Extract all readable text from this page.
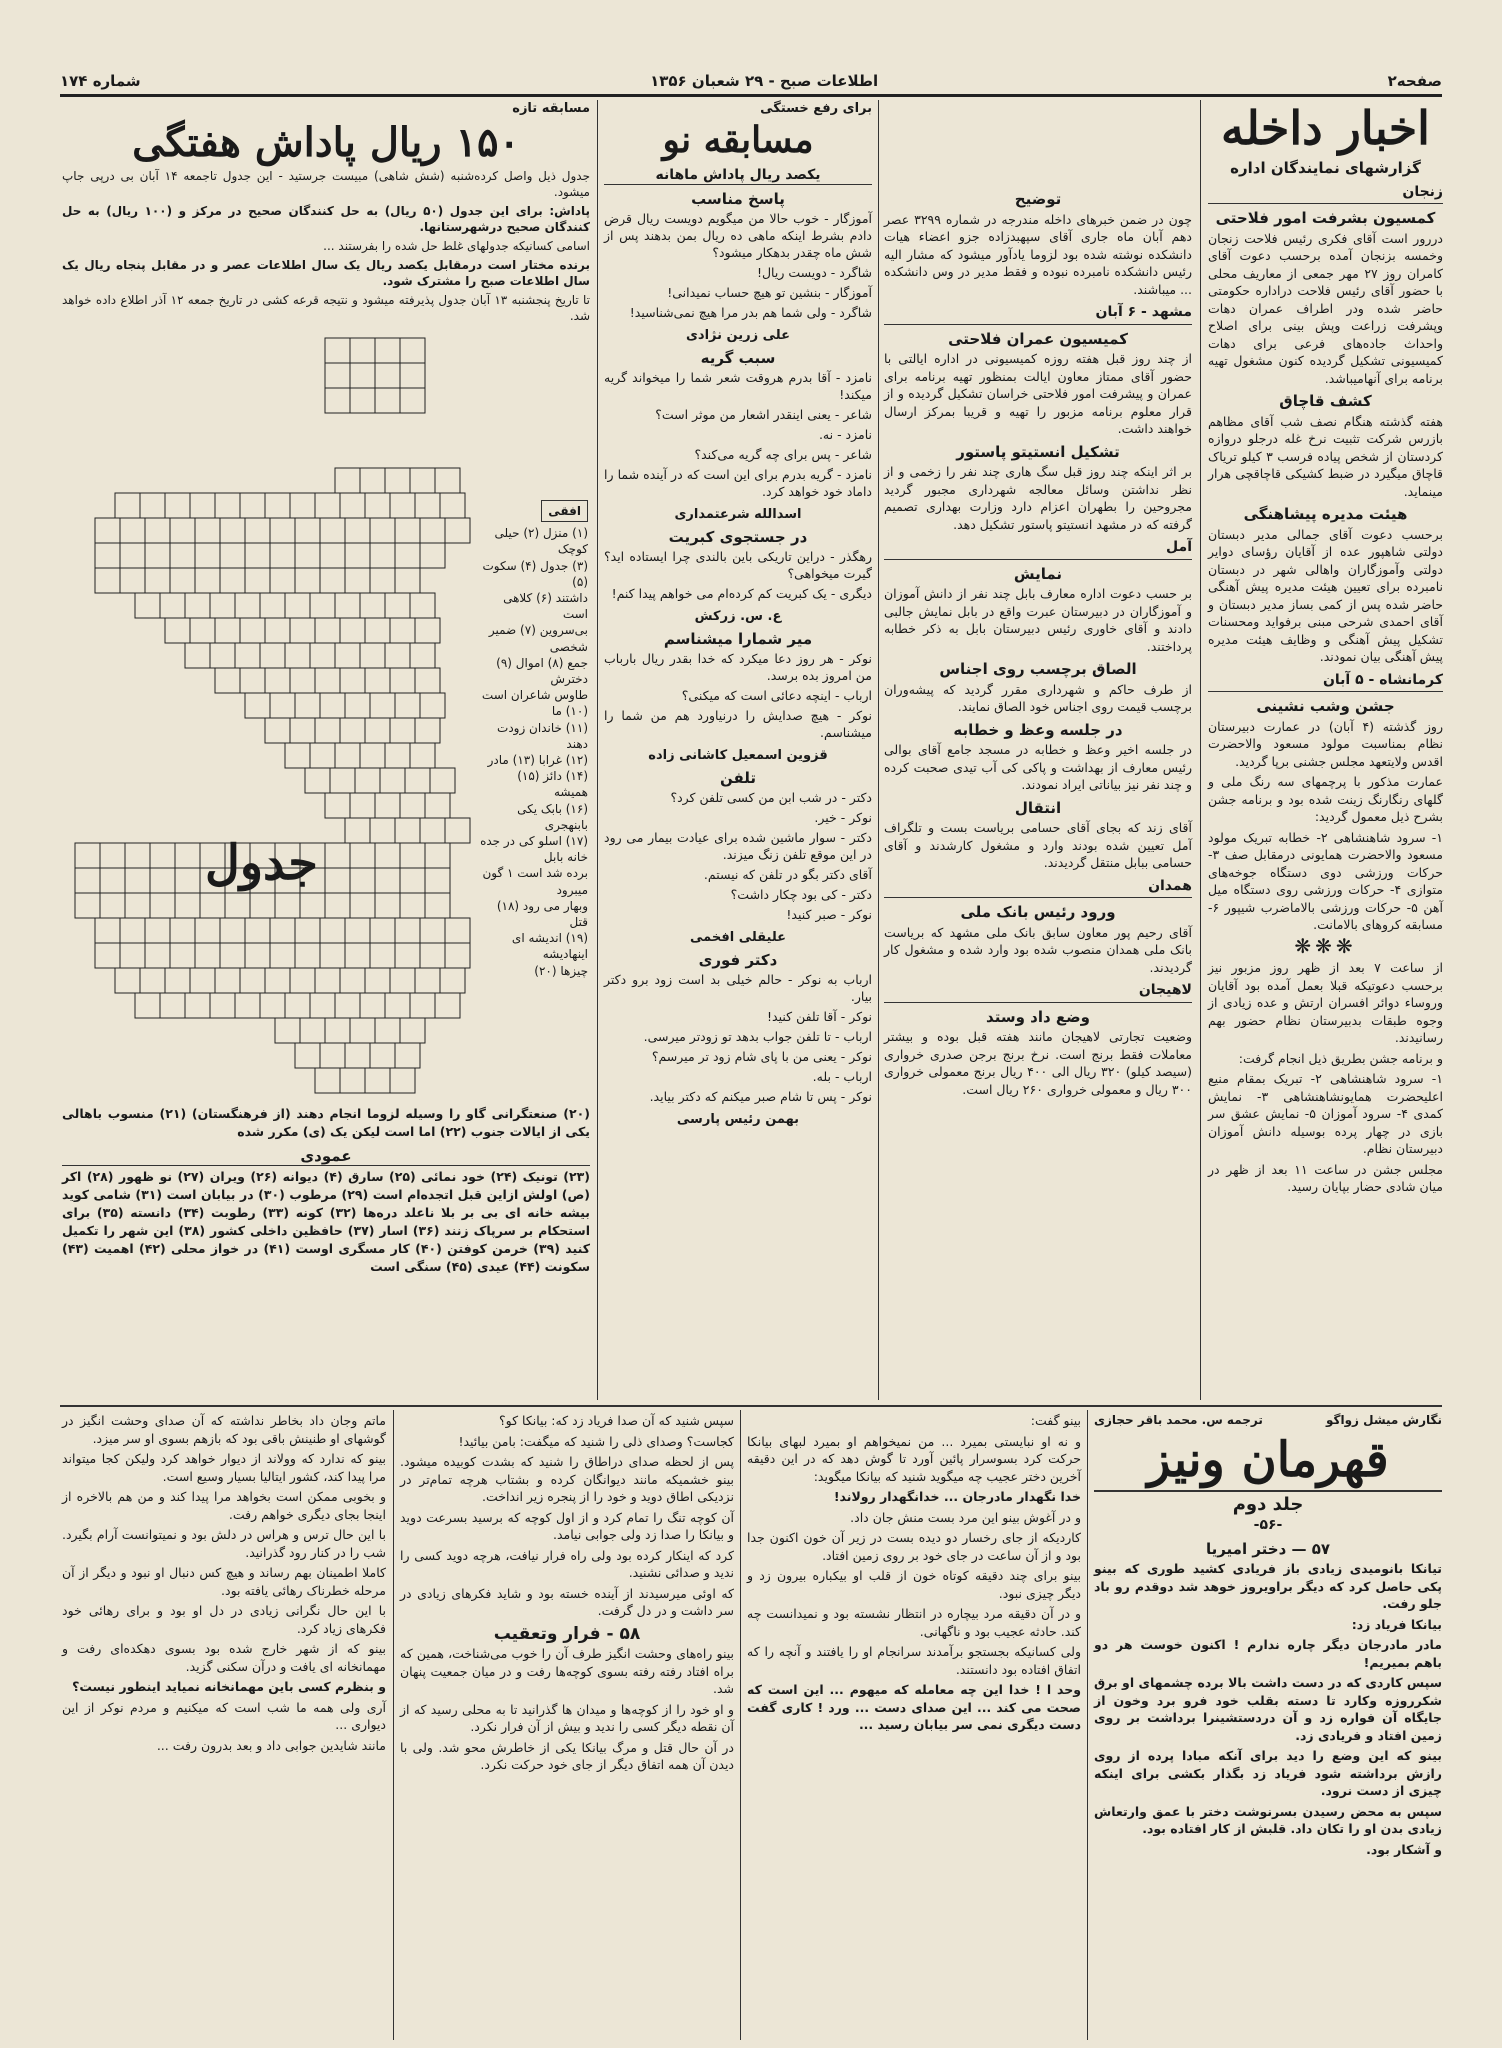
صفحه۲
اطلاعات صبح - ۲۹ شعبان ۱۳۵۶
شماره ۱۷۴
اخبار داخله
گزارشهای نمایندگان اداره
زنجان
کمسیون بشرفت امور فلاحتی

دررور است آقای فکری رئیس فلاحت زنجان وخمسه بزنجان آمده برحسب دعوت آقای کامران روز ۲۷ مهر جمعی از معاریف محلی با حضور آقای رئیس فلاحت دراداره حکومتی حاضر شده ودر اطراف عمران دهات وپشرفت زراعت وپش بینی برای اصلاح واحداث جاده‌های فرعی برای دهات کمیسیونی تشکیل گردیده کنون مشغول تهیه برنامه برای آنهامیباشد.

کشف قاچاق

هفته گذشته هنگام نصف شب آقای مظاهم بازرس شرکت تثبیت نرخ غله درجلو دروازه کردستان از شخص پیاده فرسب ۳ کیلو تریاک قاچاق میگیرد در ضبط کشیکی قاچاقچی هرار مینماید.

هیئت مدیره پیشاهنگی

برحسب دعوت آقای جمالی مدیر دبستان دولتی شاهپور عده از آقایان رؤسای دوایر دولتی وآموزگاران واهالی شهر در دبستان نامبرده برای تعیین هیئت مدیره پیش آهنگی حاضر شده پس از کمی بساز مدیر دبستان و آقای احمدی شرحی مبنی برفواید ومحسنات تشکیل پیش آهنگی و وظایف هیئت مدیره پیش آهنگی بیان نمودند.

کرمانشاه - ۵ آبان
جشن وشب نشینی

روز گذشته (۴ آبان) در عمارت دبیرستان نظام بمناسبت مولود مسعود والاحضرت اقدس ولایتعهد مجلس جشنی برپا گردید.

عمارت مذکور با پرچمهای سه رنگ ملی و گلهای رنگارنگ زینت شده بود و برنامه جشن بشرح ذیل معمول گردید:

۱- سرود شاهنشاهی ۲- خطابه تبریک مولود مسعود والاحضرت همایونی درمقابل صف ۳- حرکات ورزشی دوی دستگاه جوخه‌های متوازی ۴- حرکات ورزشی روی دستگاه میل آهن ۵- حرکات ورزشی بالاماضرب شیپور ۶- مسابقه کروهای بالامانت.

❋❋❋

از ساعت ۷ بعد از ظهر روز مزبور نیز برحسب دعوتیکه قبلا بعمل آمده بود آقایان وروساء دوائر افسران ارتش و عده زیادی از وجوه طبقات بدبیرستان نظام حضور بهم رسانیدند.

و برنامه جشن بطریق ذیل انجام گرفت:

۱- سرود شاهنشاهی ۲- تبریک بمقام منیع اعلیحضرت همایونشاهنشاهی ۳- نمایش کمدی ۴- سرود آموزان ۵- نمایش عشق سر بازی در چهار پرده بوسیله دانش آموزان دبیرستان نظام.

مجلس جشن در ساعت ۱۱ بعد از ظهر در میان شادی حضار بپایان رسید.

توضیح

چون در ضمن خبرهای داخله مندرجه در شماره ۳۲۹۹ عصر دهم آبان ماه جاری آقای سپهبدزاده جزو اعضاء هیات دانشکده نوشته شده بود لزوما یادآور میشود که مشار الیه رئیس دانشکده نامبرده نبوده و فقط مدیر در وس دانشکده ... میباشند.

مشهد - ۶ آبان
کمیسیون عمران فلاحتی

از چند روز قبل هفته روزه کمیسیونی در اداره ایالتی با حضور آقای ممتاز معاون ایالت بمنظور تهیه برنامه برای عمران و پیشرفت امور فلاحتی خراسان تشکیل گردیده و از قرار معلوم برنامه مزبور را تهیه و قریبا بمرکز ارسال خواهند داشت.

تشکیل انستیتو پاستور

بر اثر اینکه چند روز قبل سگ هاری چند نفر را زخمی و از نظر نداشتن وسائل معالجه شهرداری مجبور گردید مجروحین را بطهران اعزام دارد وزارت بهداری تصمیم گرفته که در مشهد انستیتو پاستور تشکیل دهد.

آمل
نمایش

بر حسب دعوت اداره معارف بابل چند نفر از دانش آموزان و آموزگاران در دبیرستان عبرت واقع در بابل نمایش جالبی دادند و آقای خاوری رئیس دبیرستان بابل به ذکر خطابه پرداختند.

الصاق برچسب روی اجناس

از طرف حاکم و شهرداری مقرر گردید که پیشه‌وران برچسب قیمت روی اجناس خود الصاق نمایند.

در جلسه وعظ و خطابه

در جلسه اخیر وعظ و خطابه در مسجد جامع آقای بوالی رئیس معارف از بهداشت و پاکی کی آب تیدی صحبت کرده و چند نفر نیز بیاناتی ایراد نمودند.

انتقال

آقای زند که بجای آقای حسامی بریاست بست و تلگراف آمل تعیین شده بودند وارد و مشغول کارشدند و آقای حسامی ببابل منتقل گردیدند.

همدان
ورود رئیس بانک ملی

آقای رحیم پور معاون سابق بانک ملی مشهد که بریاست بانک ملی همدان منصوب شده بود وارد شده و مشغول کار گردیدند.

لاهیجان
وضع داد وستد

وضعیت تجارتی لاهیجان مانند هفته قبل بوده و بیشتر معاملات فقط برنج است. نرخ برنج برجن صدری خرواری (سیصد کیلو) ۳۲۰ ریال الی ۴۰۰ ریال برنج معمولی خرواری ۳۰۰ ریال و معمولی خرواری ۲۶۰ ریال است.

برای رفع خستگی
مسابقه نو
یکصد ریال پاداش ماهانه
پاسخ مناسب

آموزگار - خوب حالا من میگویم دویست ریال قرض دادم بشرط اینکه ماهی ده ریال بمن بدهند پس از شش ماه چقدر بدهکار میشود؟

شاگرد - دویست ریال!

آموزگار - بنشین تو هیچ حساب نمیدانی!

شاگرد - ولی شما هم بدر مرا هیچ نمی‌شناسید!

علی زرین نژادی
سبب گریه

نامزد - آقا بدرم هروقت شعر شما را میخواند گریه میکند!

شاعر - یعنی اینقدر اشعار من موثر است؟

نامزد - نه.

شاعر - پس برای چه گریه می‌کند؟

نامزد - گریه بدرم برای این است که در آینده شما را داماد خود خواهد کرد.

اسدالله شرعتمداری
در جستجوی کبریت

رهگذر - دراین تاریکی باین بالندی چرا ایستاده اید؟ گیرت میخواهی؟

دیگری - یک کبریت کم کرده‌ام می خواهم پیدا کنم!

ع. س. زرکش
میر شمارا میشناسم

نوکر - هر روز دعا میکرد که خدا بقدر ریال بارباب من امروز بده برسد.

ارباب - اینچه دعائی است که میکنی؟

نوکر - هیچ صدایش را درنیاورد هم من شما را میشناسم.

قزوین اسمعیل کاشانی زاده
تلفن

دکتر - در شب ابن من کسی تلفن کرد؟

نوکر - خیر.

دکتر - سوار ماشین شده برای عیادت بیمار می رود در این موقع تلفن زنگ میزند.

آقای دکتر بگو در تلفن که نیستم.

دکتر - کی بود چکار داشت؟

نوکر - صبر کنید!

علیقلی افخمی
دکتر فوری

ارباب به نوکر - حالم خیلی بد است زود برو دکتر بیار.

نوکر - آقا تلفن کنید!

ارباب - تا تلفن جواب بدهد تو زودتر میرسی.

نوکر - یعنی من با پای شام زود تر میرسم؟

ارباب - بله.

نوکر - پس تا شام صبر میکنم که دکتر بیاید.

بهمن رئیس پارسی
مسابقه تازه
۱۵۰ ریال پاداش هفتگی

جدول ذیل واصل کرده‌شنبه (شش شاهی) مبیست جرستید - این جدول تاجمعه ۱۴ آبان بی درپی جاپ میشود.

پاداش: برای این جدول (۵۰ ریال) به حل کنندگان صحیح در مرکز و (۱۰۰ ریال) به حل کنندگان صحیح درشهرستانها.

اسامی کسانیکه جدولهای غلط حل شده را بفرستند ...

برنده مختار است درمقابل یکصد ریال یک سال اطلاعات عصر و در مقابل پنجاه ریال یک سال اطلاعات صبح را مشترک شود.

تا تاریخ پنجشنبه ۱۳ آبان جدول پذیرفته میشود و نتیجه قرعه کشی در تاریخ جمعه ۱۲ آذر اطلاع داده خواهد شد.

جدول
افقی
(۱) منزل (۲) حیلی کوچک
(۳) جدول (۴) سکوت (۵)
داشتند (۶) کلاهی است
بی‌سروین (۷) ضمیر شخصی
جمع (۸) اموال (۹) دخترش
طاوس شاعران است (۱۰) ما
(۱۱) خاندان زودت دهند
(۱۲) غرابا (۱۳) مادر
(۱۴) دائز (۱۵) همیشه
(۱۶) بابک یکی بابنهجری
(۱۷) اسلو کی در جده خانه بابل
برده شد است ۱ گون میبرود
وبهار می رود (۱۸) قتل
(۱۹) اندیشه ای اینهادیشه
چیزها (۲۰)

(۲۰) صنعتگرانی گاو را وسیله لزوما انجام دهند (از فرهنگستان) (۲۱) منسوب باهالی یکی از ایالات جنوب (۲۲) اما است لیکن یک (ی) مکرر شده

عمودی

(۲۳) تونیک (۲۴) خود نمائی (۲۵) سارق (۴) دیوانه (۲۶) ویران (۲۷) نو ظهور (۲۸) اکر (ص) اولش ازاین قبل اتجده‌ام است (۲۹) مرطوب (۳۰) در بیابان است (۳۱) شامی کوید بیشه خانه ای بی بر بلا ناعلد دره‌ها (۳۲) کونه (۳۳) رطوبت (۳۴) دانسته (۳۵) برای استحکام بر سرپاک زنند (۳۶) اسار (۳۷) حافظین داخلی کشور (۳۸) این شهر را تکمیل کنید (۳۹) خرمن کوفتن (۴۰) کار مسگری اوست (۴۱) در خواز محلی (۴۲) اهمیت (۴۳) سکونت (۴۴) عیدی (۴۵) سنگی است

نگارش میشل زواگو
ترجمه س. محمد باقر حجازی
قهرمان ونیز
جلد دوم
-۵۶-
۵۷ — دختر امیریا

تیانکا بانومیدی زیادی باز فریادی کشید طوری که بینو پکی حاصل کرد که دیگر براویروز خوهد شد دوقدم رو باد جلو رفت.

بیانکا فریاد زد:

مادر مادرجان دیگر چاره ندارم ! اکنون خوست هر دو باهم بمیریم!

سپس کاردی که در دست داشت بالا برده چشمهای او برق شکرروزه وکارد تا دسته بقلب خود فرو برد وخون از جایگاه آن فواره زد و آن دردستشینرا برداشت بر روی زمین افتاد و فریادی زد.

بینو که این وضع را دید برای آنکه مبادا پرده از روی رازش برداشته شود فریاد زد بگذار بکشی برای اینکه چیزی از دست نرود.

سپس به محض رسیدن بسرنوشت دختر با عمق وارتعاش زیادی بدن او را تکان داد. قلبش از کار افتاده بود.

و آشکار بود.

بینو گفت:

و نه او نبایستی بمیرد ... من نمیخواهم او بمیرد لبهای بیانکا حرکت کرد بسوسرار پائین آورد تا گوش دهد که در این دقیقه آخرین دختر عجیب چه میگوید شنید که بیانکا میگوید:

خدا نگهدار مادرجان ... خدانگهدار رولاند!

و در آغوش بینو این مرد بست منش جان داد.

کاردیکه از جای رخسار دو دیده بست در زیر آن خون اکنون جدا بود و از آن ساعت در جای خود بر روی زمین افتاد.

بینو برای چند دقیقه کوتاه خون از قلب او بیکباره بیرون زد و دیگر چیزی نبود.

و در آن دقیقه مرد بیچاره در انتظار نشسته بود و نمیدانست چه کند. حادثه عجیب بود و ناگهانی.

ولی کسانیکه بجستجو برآمدند سرانجام او را یافتند و آنچه را که اتفاق افتاده بود دانستند.

وحد ا ! خدا این چه معامله که میهوم ... این است که صحت می کند ... این صدای دست ... ورد ! کاری گفت دست دیگری نمی سر بیابان رسید ...

سپس شنید که آن صدا فریاد زد که: بیانکا کو؟

کجاست؟ وصدای ذلی را شنید که میگفت: بامن بیائید!

پس از لحظه صدای دراطاق را شنید که بشدت کوبیده میشود. بینو خشمیکه مانند دیوانگان کرده و بشتاب هرچه تمام‌تر در نزدیکی اطاق دوید و خود را از پنجره زیر انداخت.

آن کوچه تنگ را تمام کرد و از اول کوچه که برسید بسرعت دوید و بیانکا را صدا زد ولی جوابی نیامد.

کرد که اینکار کرده بود ولی راه فرار نیافت، هرچه دوید کسی را ندید و صدائی نشنید.

که اوئی میرسیدند از آینده خسته بود و شاید فکرهای زیادی در سر داشت و در دل گرفت.

۵۸ - فرار وتعقیب

بینو راه‌های وحشت انگیز طرف آن را خوب می‌شناخت، همین که براه افتاد رفته رفته بسوی کوچه‌ها رفت و در میان جمعیت پنهان شد.

و او خود را از کوچه‌ها و میدان ها گذرانید تا به محلی رسید که از آن نقطه دیگر کسی را ندید و بیش از آن فرار نکرد.

در آن حال قتل و مرگ بیانکا یکی از خاطرش محو شد. ولی با دیدن آن همه اتفاق دیگر از جای خود حرکت نکرد.

ماتم وجان داد بخاطر نداشته که آن صدای وحشت انگیز در گوشهای او طنینش باقی بود که بازهم بسوی او سر میزد.

بینو که ندارد که وولاند از دیوار خواهد کرد ولیکن کجا میتواند مرا پیدا کند، کشور ایتالیا بسیار وسیع است.

و بخوبی ممکن است بخواهد مرا پیدا کند و من هم بالاخره از اینجا بجای دیگری خواهم رفت.

با این حال ترس و هراس در دلش بود و نمیتوانست آرام بگیرد. شب را در کنار رود گذرانید.

کاملا اطمینان بهم رساند و هیچ کس دنبال او نبود و دیگر از آن مرحله خطرناک رهائی یافته بود.

با این حال نگرانی زیادی در دل او بود و برای رهائی خود فکرهای زیاد کرد.

بینو که از شهر خارج شده بود بسوی دهکده‌ای رفت و مهمانخانه ای یافت و درآن سکنی گزید.

و بنظرم کسی باین مهمانخانه نمیاید اینطور نیست؟

آری ولی همه ما شب است که میکنیم و مردم نوکر از این دیواری ...

مانند شایدین جوابی داد و بعد بدرون رفت ...
